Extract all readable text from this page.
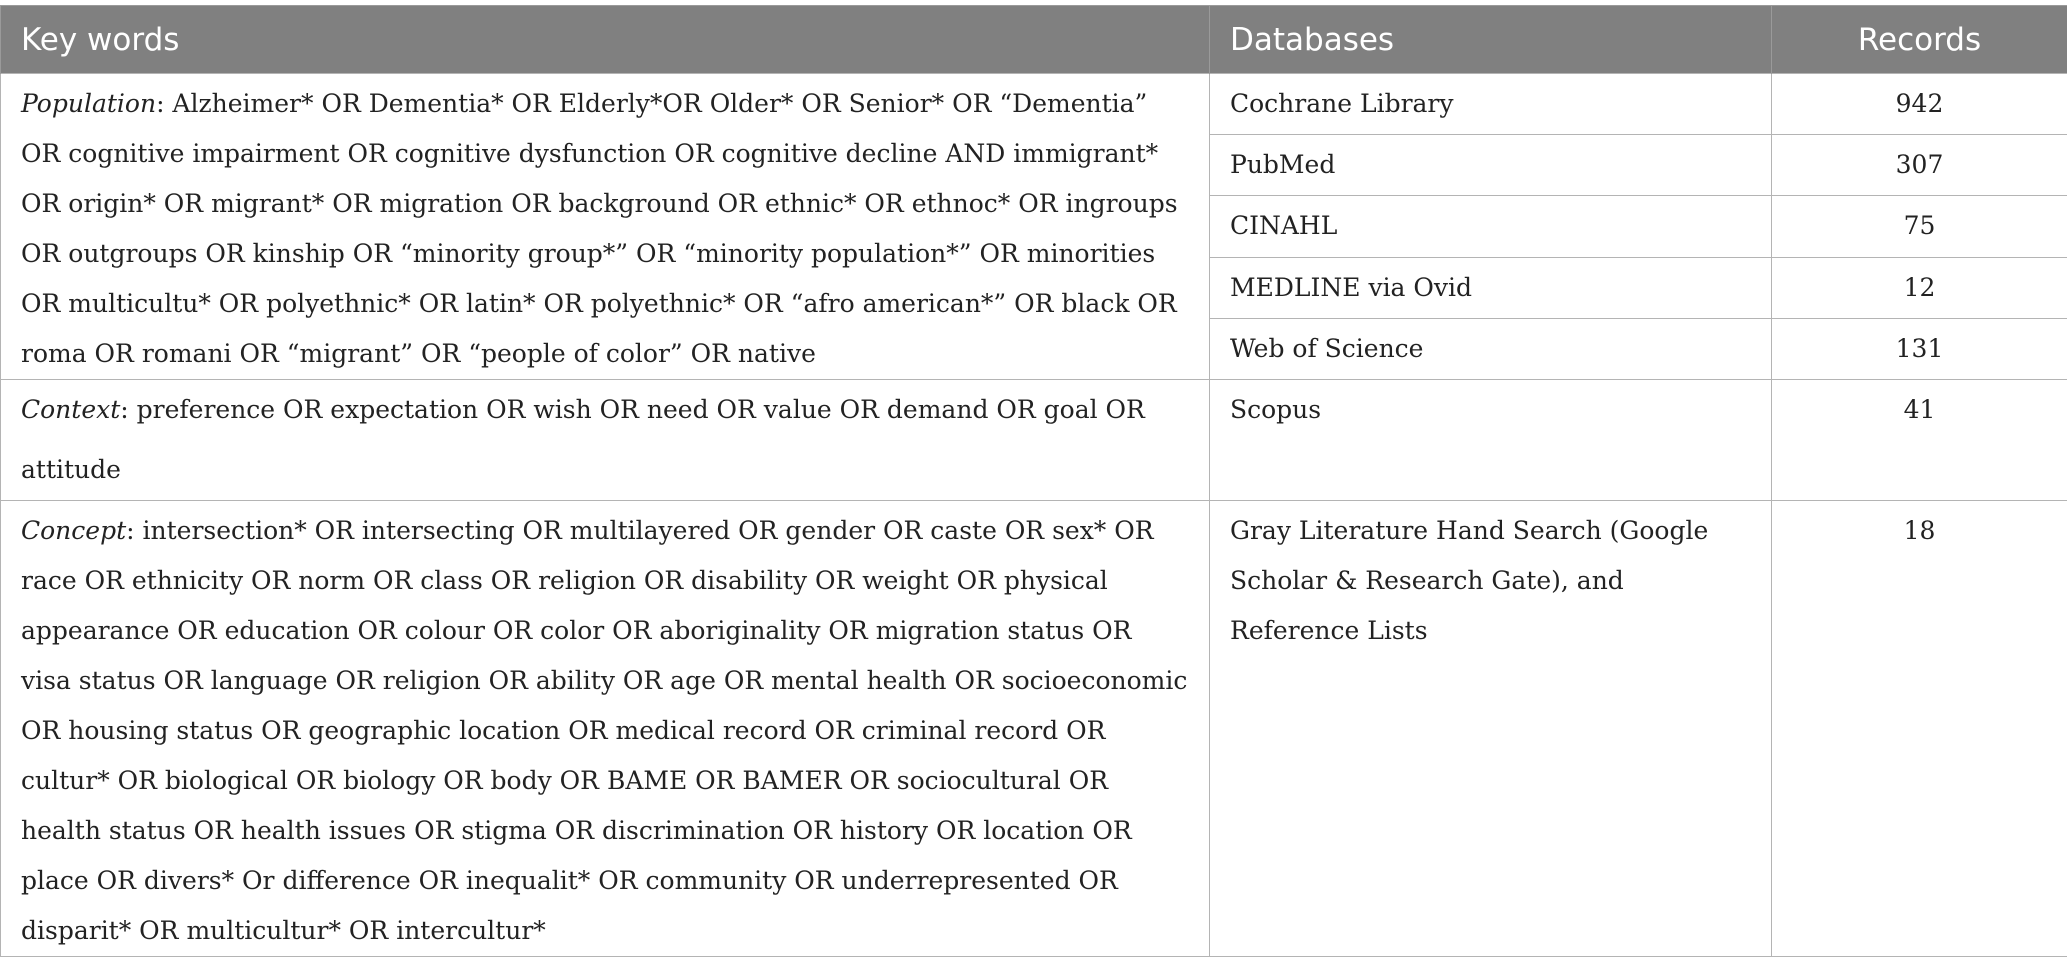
Key words	Databases	Records
Population: Alzheimer* OR Dementia* OR Elderly*OR Older* OR Senior* OR “Dementia” OR cognitive impairment OR cognitive dysfunction OR cognitive decline AND immigrant* OR origin* OR migrant* OR migration OR background OR ethnic* OR ethnoc* OR ingroups OR outgroups OR kinship OR “minority group*” OR “minority population*” OR minorities OR multicultu* OR polyethnic* OR latin* OR polyethnic* OR “afro american*” OR black OR roma OR romani OR “migrant” OR “people of color” OR native	Cochrane Library	942
	PubMed	307
	CINAHL	75
	MEDLINE via Ovid	12
	Web of Science	131
Context: preference OR expectation OR wish OR need OR value OR demand OR goal OR attitude	Scopus	41
Concept: intersection* OR intersecting OR multilayered OR gender OR caste OR sex* OR race OR ethnicity OR norm OR class OR religion OR disability OR weight OR physical appearance OR education OR colour OR color OR aboriginality OR migration status OR visa status OR language OR religion OR ability OR age OR mental health OR socioeconomic OR housing status OR geographic location OR medical record OR criminal record OR cultur* OR biological OR biology OR body OR BAME OR BAMER OR sociocultural OR health status OR health issues OR stigma OR discrimination OR history OR location OR place OR divers* Or difference OR inequalit* OR community OR underrepresented OR disparit* OR multicultur* OR intercultur*	Gray Literature Hand Search (Google Scholar & Research Gate), and Reference Lists	18
